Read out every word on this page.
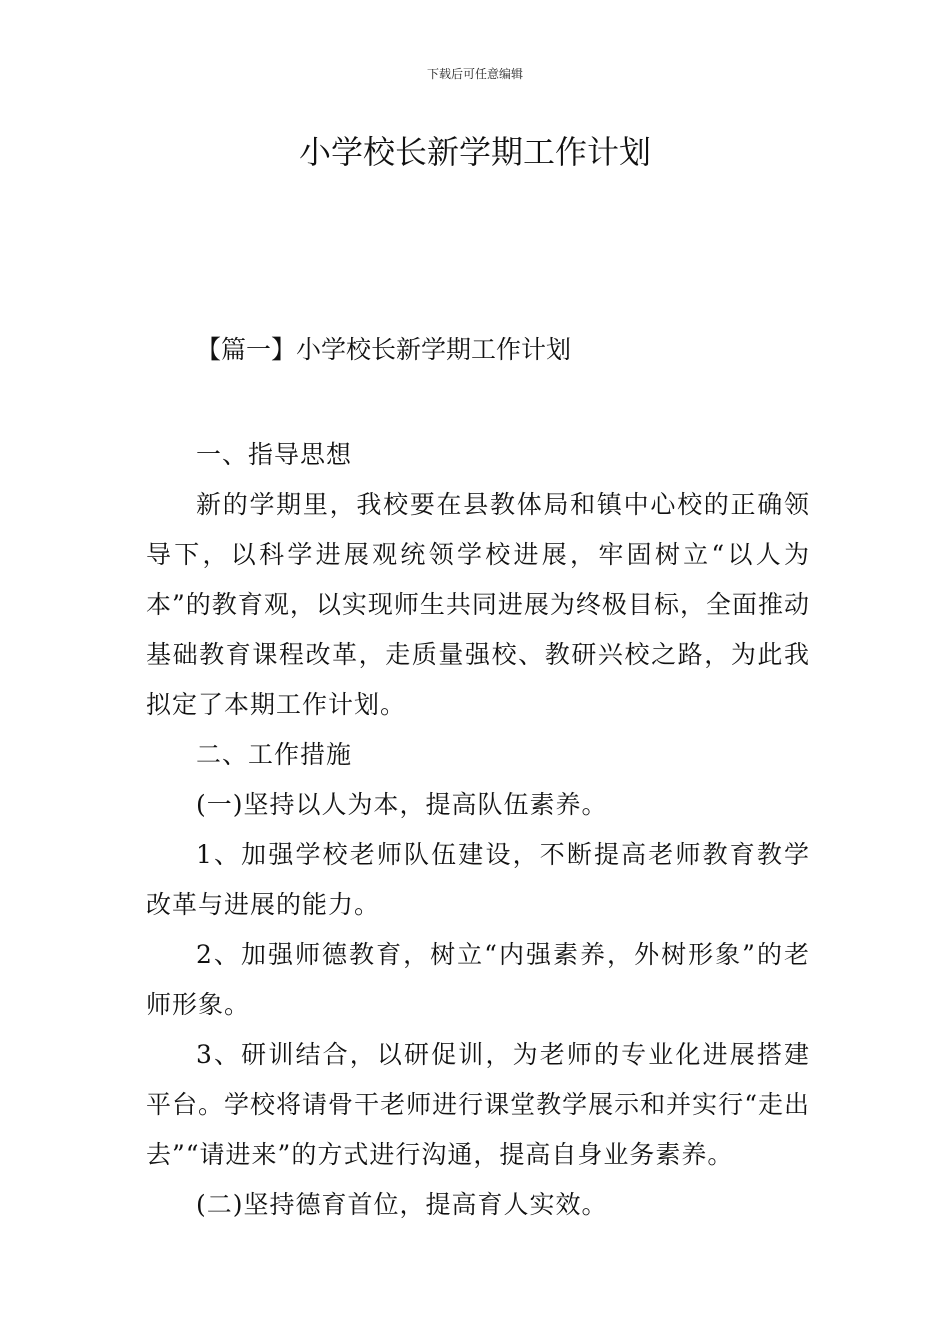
下载后可任意编辑
小学校长新学期工作计划
【篇一】小学校长新学期工作计划

一、指导思想

新的学期里，我校要在县教体局和镇中心校的正确领导下，以科学进展观统领学校进展，牢固树立“以人为本”的教育观，以实现师生共同进展为终极目标，全面推动基础教育课程改革，走质量强校、教研兴校之路，为此我拟定了本期工作计划。

二、工作措施

(一)坚持以人为本，提高队伍素养。

1、加强学校老师队伍建设，不断提高老师教育教学改革与进展的能力。

2、加强师德教育，树立“内强素养，外树形象”的老师形象。

3、研训结合，以研促训，为老师的专业化进展搭建平台。学校将请骨干老师进行课堂教学展示和并实行“走出去”“请进来”的方式进行沟通，提高自身业务素养。

(二)坚持德育首位，提高育人实效。
